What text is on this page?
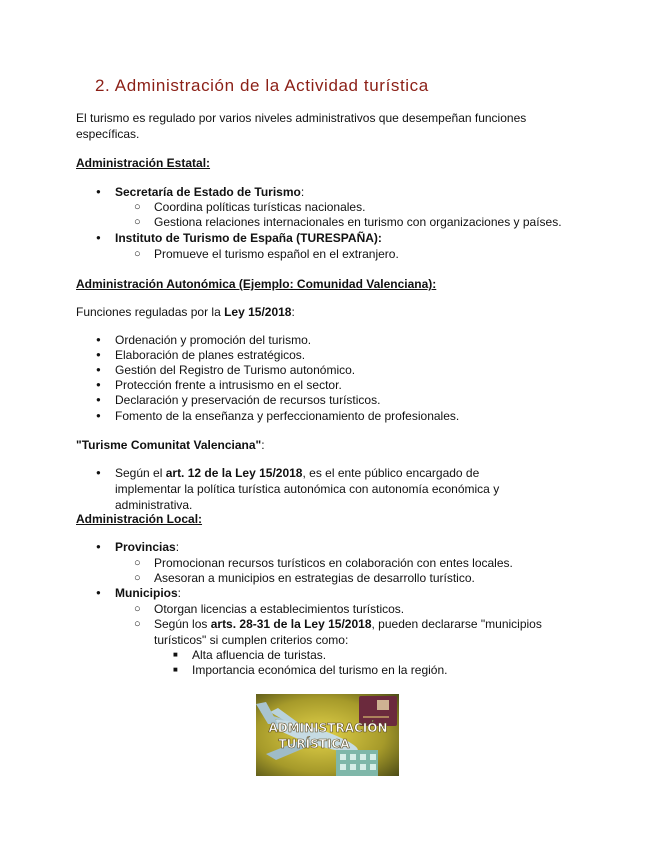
2. Administración de la Actividad turística

El turismo es regulado por varios niveles administrativos que desempeñan funciones específicas.

Administración Estatal:
● Secretaría de Estado de Turismo:
○ Coordina políticas turísticas nacionales.
○ Gestiona relaciones internacionales en turismo con organizaciones y países.
● Instituto de Turismo de España (TURESPAÑA):
○ Promueve el turismo español en el extranjero.
Administración Autonómica (Ejemplo: Comunidad Valenciana):
Funciones reguladas por la Ley 15/2018:
● Ordenación y promoción del turismo.
● Elaboración de planes estratégicos.
● Gestión del Registro de Turismo autonómico.
● Protección frente a intrusismo en el sector.
● Declaración y preservación de recursos turísticos.
● Fomento de la enseñanza y perfeccionamiento de profesionales.
"Turisme Comunitat Valenciana":
● Según el art. 12 de la Ley 15/2018, es el ente público encargado de implementar la política turística autonómica con autonomía económica y administrativa.
Administración Local:
● Provincias:
○ Promocionan recursos turísticos en colaboración con entes locales.
○ Asesoran a municipios en estrategias de desarrollo turístico.
● Municipios:
○ Otorgan licencias a establecimientos turísticos.
○ Según los arts. 28-31 de la Ley 15/2018, pueden declararse "municipios turísticos" si cumplen criterios como:
■ Alta afluencia de turistas.
■ Importancia económica del turismo en la región.
ADMINISTRACIÓN
TURÍSTICA
